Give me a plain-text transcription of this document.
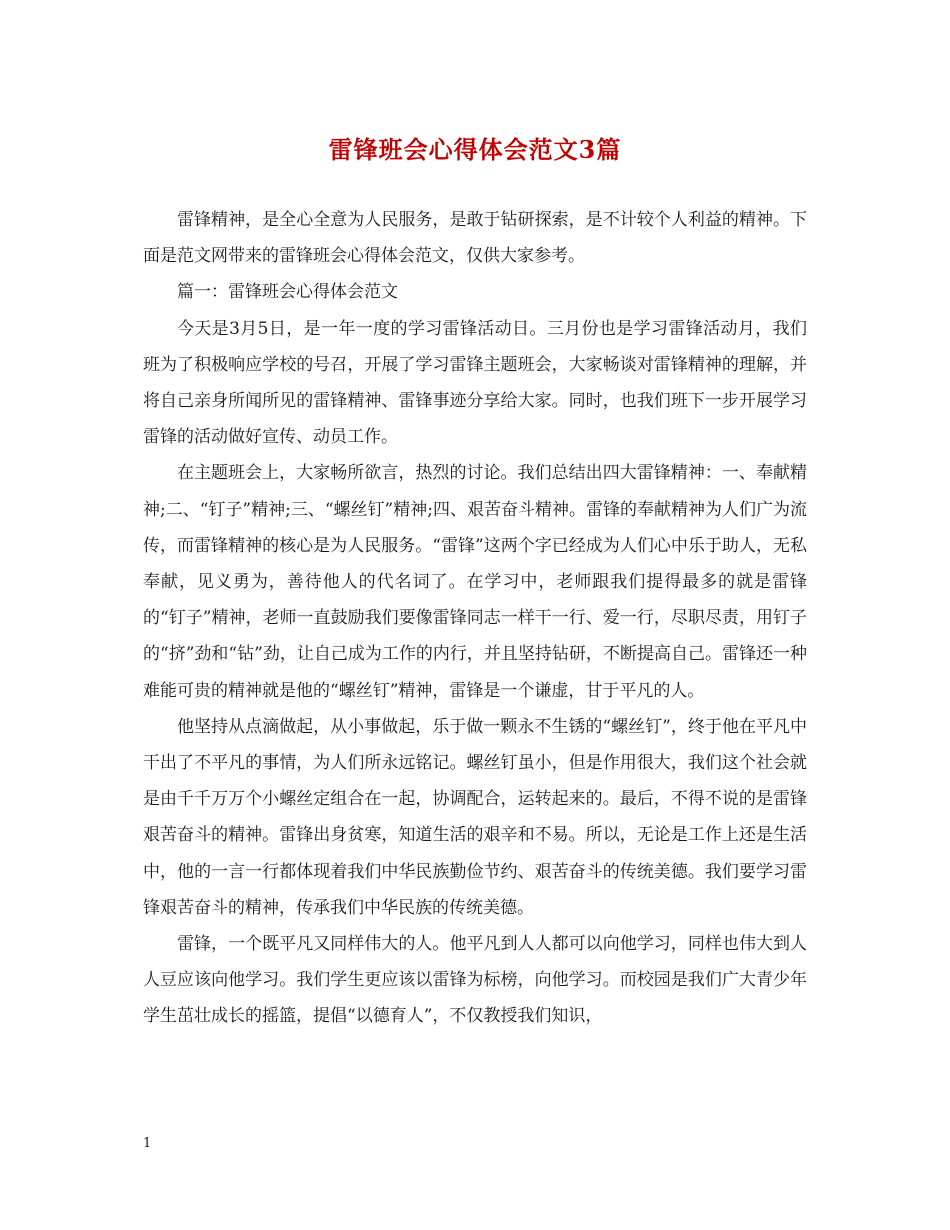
雷锋班会心得体会范文3篇

雷锋精神，是全心全意为人民服务，是敢于钻研探索，是不计较个人利益的精神。下面是范文网带来的雷锋班会心得体会范文，仅供大家参考。

篇一：雷锋班会心得体会范文

今天是3月5日，是一年一度的学习雷锋活动日。三月份也是学习雷锋活动月，我们班为了积极响应学校的号召，开展了学习雷锋主题班会，大家畅谈对雷锋精神的理解，并将自己亲身所闻所见的雷锋精神、雷锋事迹分享给大家。同时，也我们班下一步开展学习雷锋的活动做好宣传、动员工作。

在主题班会上，大家畅所欲言，热烈的讨论。我们总结出四大雷锋精神：一、奉献精神;二、“钉子”精神;三、“螺丝钉”精神;四、艰苦奋斗精神。雷锋的奉献精神为人们广为流传，而雷锋精神的核心是为人民服务。“雷锋”这两个字已经成为人们心中乐于助人，无私奉献，见义勇为，善待他人的代名词了。在学习中，老师跟我们提得最多的就是雷锋的“钉子”精神，老师一直鼓励我们要像雷锋同志一样干一行、爱一行，尽职尽责，用钉子的“挤”劲和“钻”劲，让自己成为工作的内行，并且坚持钻研，不断提高自己。雷锋还一种难能可贵的精神就是他的“螺丝钉”精神，雷锋是一个谦虚，甘于平凡的人。

他坚持从点滴做起，从小事做起，乐于做一颗永不生锈的“螺丝钉”，终于他在平凡中干出了不平凡的事情，为人们所永远铭记。螺丝钉虽小，但是作用很大，我们这个社会就是由千千万万个小螺丝定组合在一起，协调配合，运转起来的。最后，不得不说的是雷锋艰苦奋斗的精神。雷锋出身贫寒，知道生活的艰辛和不易。所以，无论是工作上还是生活中，他的一言一行都体现着我们中华民族勤俭节约、艰苦奋斗的传统美德。我们要学习雷锋艰苦奋斗的精神，传承我们中华民族的传统美德。

雷锋，一个既平凡又同样伟大的人。他平凡到人人都可以向他学习，同样也伟大到人人豆应该向他学习。我们学生更应该以雷锋为标榜，向他学习。而校园是我们广大青少年学生茁壮成长的摇篮，提倡“以德育人”，不仅教授我们知识，

1
